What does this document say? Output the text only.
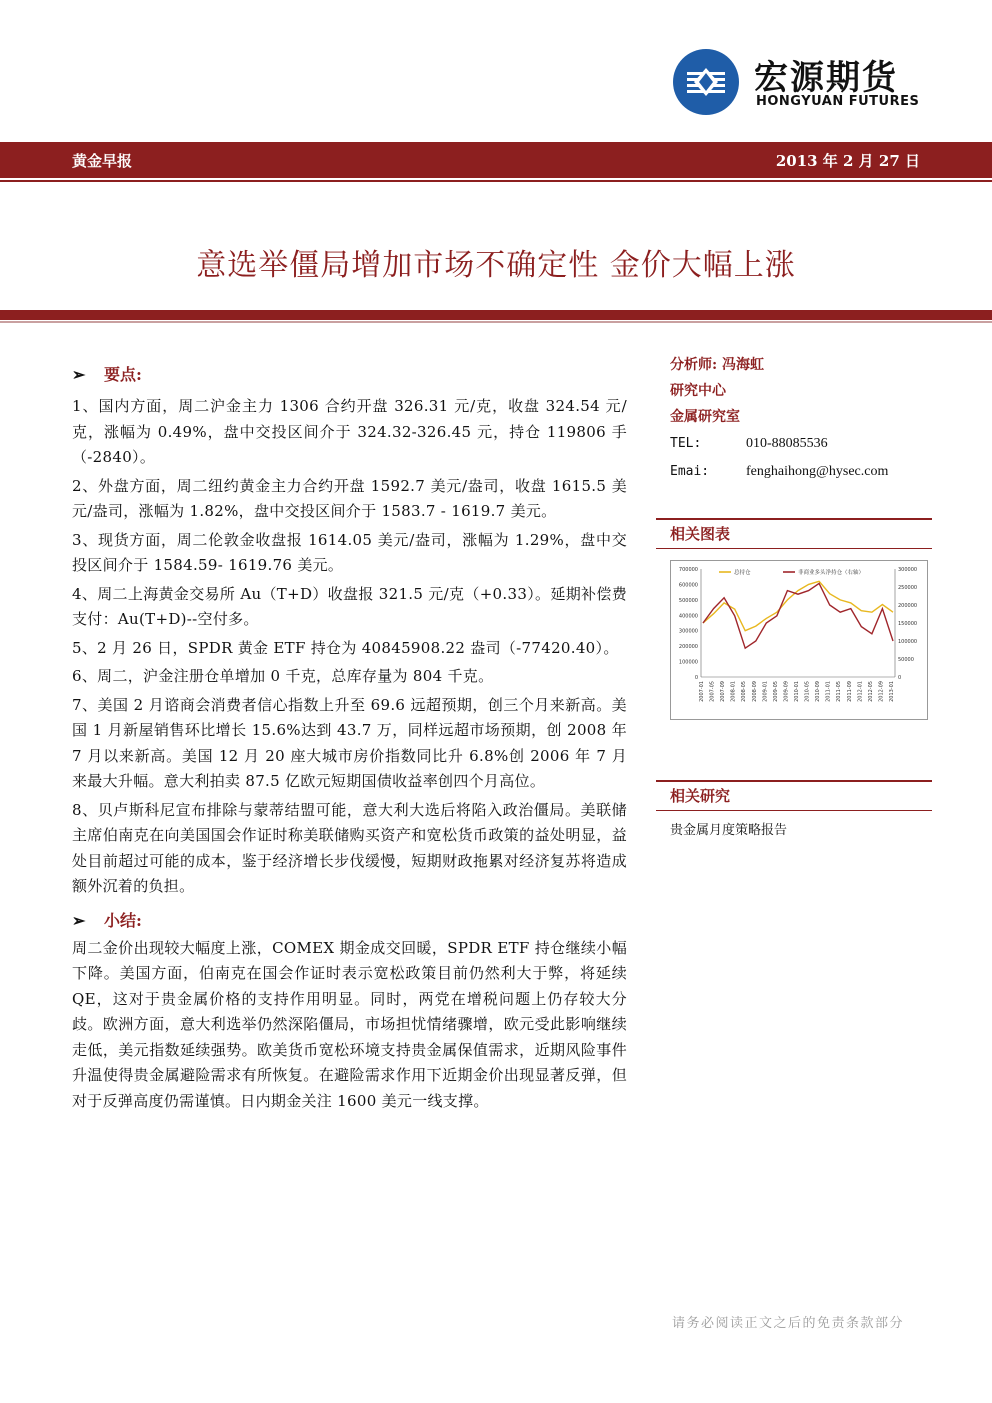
宏源期货
HONGYUAN FUTURES
黄金早报	2013 年 2 月 27 日
意选举僵局增加市场不确定性 金价大幅上涨
➢ 要点:

1、国内方面，周二沪金主力 1306 合约开盘 326.31 元/克，收盘 324.54 元/克，涨幅为 0.49%，盘中交投区间介于 324.32-326.45 元，持仓 119806 手（-2840）。

2、外盘方面，周二纽约黄金主力合约开盘 1592.7 美元/盎司，收盘 1615.5 美元/盎司，涨幅为 1.82%，盘中交投区间介于 1583.7 - 1619.7 美元。

3、现货方面，周二伦敦金收盘报 1614.05 美元/盎司，涨幅为 1.29%，盘中交投区间介于 1584.59- 1619.76 美元。

4、周二上海黄金交易所 Au（T+D）收盘报 321.5 元/克（+0.33）。延期补偿费支付：Au(T+D)--空付多。

5、2 月 26 日，SPDR 黄金 ETF 持仓为 40845908.22 盎司（-77420.40）。

6、周二，沪金注册仓单增加 0 千克，总库存量为 804 千克。

7、美国 2 月谘商会消费者信心指数上升至 69.6 远超预期，创三个月来新高。美国 1 月新屋销售环比增长 15.6%达到 43.7 万，同样远超市场预期，创 2008 年 7 月以来新高。美国 12 月 20 座大城市房价指数同比升 6.8%创 2006 年 7 月来最大升幅。意大利拍卖 87.5 亿欧元短期国债收益率创四个月高位。

8、贝卢斯科尼宣布排除与蒙蒂结盟可能，意大利大选后将陷入政治僵局。美联储主席伯南克在向美国国会作证时称美联储购买资产和宽松货币政策的益处明显，益处目前超过可能的成本，鉴于经济增长步伐缓慢，短期财政拖累对经济复苏将造成额外沉着的负担。

➢ 小结:

周二金价出现较大幅度上涨，COMEX 期金成交回暖，SPDR ETF 持仓继续小幅下降。美国方面，伯南克在国会作证时表示宽松政策目前仍然利大于弊，将延续 QE，这对于贵金属价格的支持作用明显。同时，两党在增税问题上仍存较大分歧。欧洲方面，意大利选举仍然深陷僵局，市场担忧情绪骤增，欧元受此影响继续走低，美元指数延续强势。欧美货币宽松环境支持贵金属保值需求，近期风险事件升温使得贵金属避险需求有所恢复。在避险需求作用下近期金价出现显著反弹，但对于反弹高度仍需谨慎。日内期金关注 1600 美元一线支撑。

分析师: 冯海虹
研究中心
金属研究室
TEL:	010-88085536
Emai:	fenghaihong@hysec.com
相关图表
700000
600000
500000
400000
300000
200000
100000
0
300000
250000
200000
150000
100000
50000
0
2007-01 2007-05 2007-09 2008-01 2008-05 2008-09 2009-01 2009-05 2009-09 2010-01 2010-05 2010-09 2011-01 2011-05 2011-09 2012-01 2012-05 2012-09 2013-01
总持仓	非商业多头净持仓（右轴）
相关研究
贵金属月度策略报告
请务必阅读正文之后的免责条款部分
